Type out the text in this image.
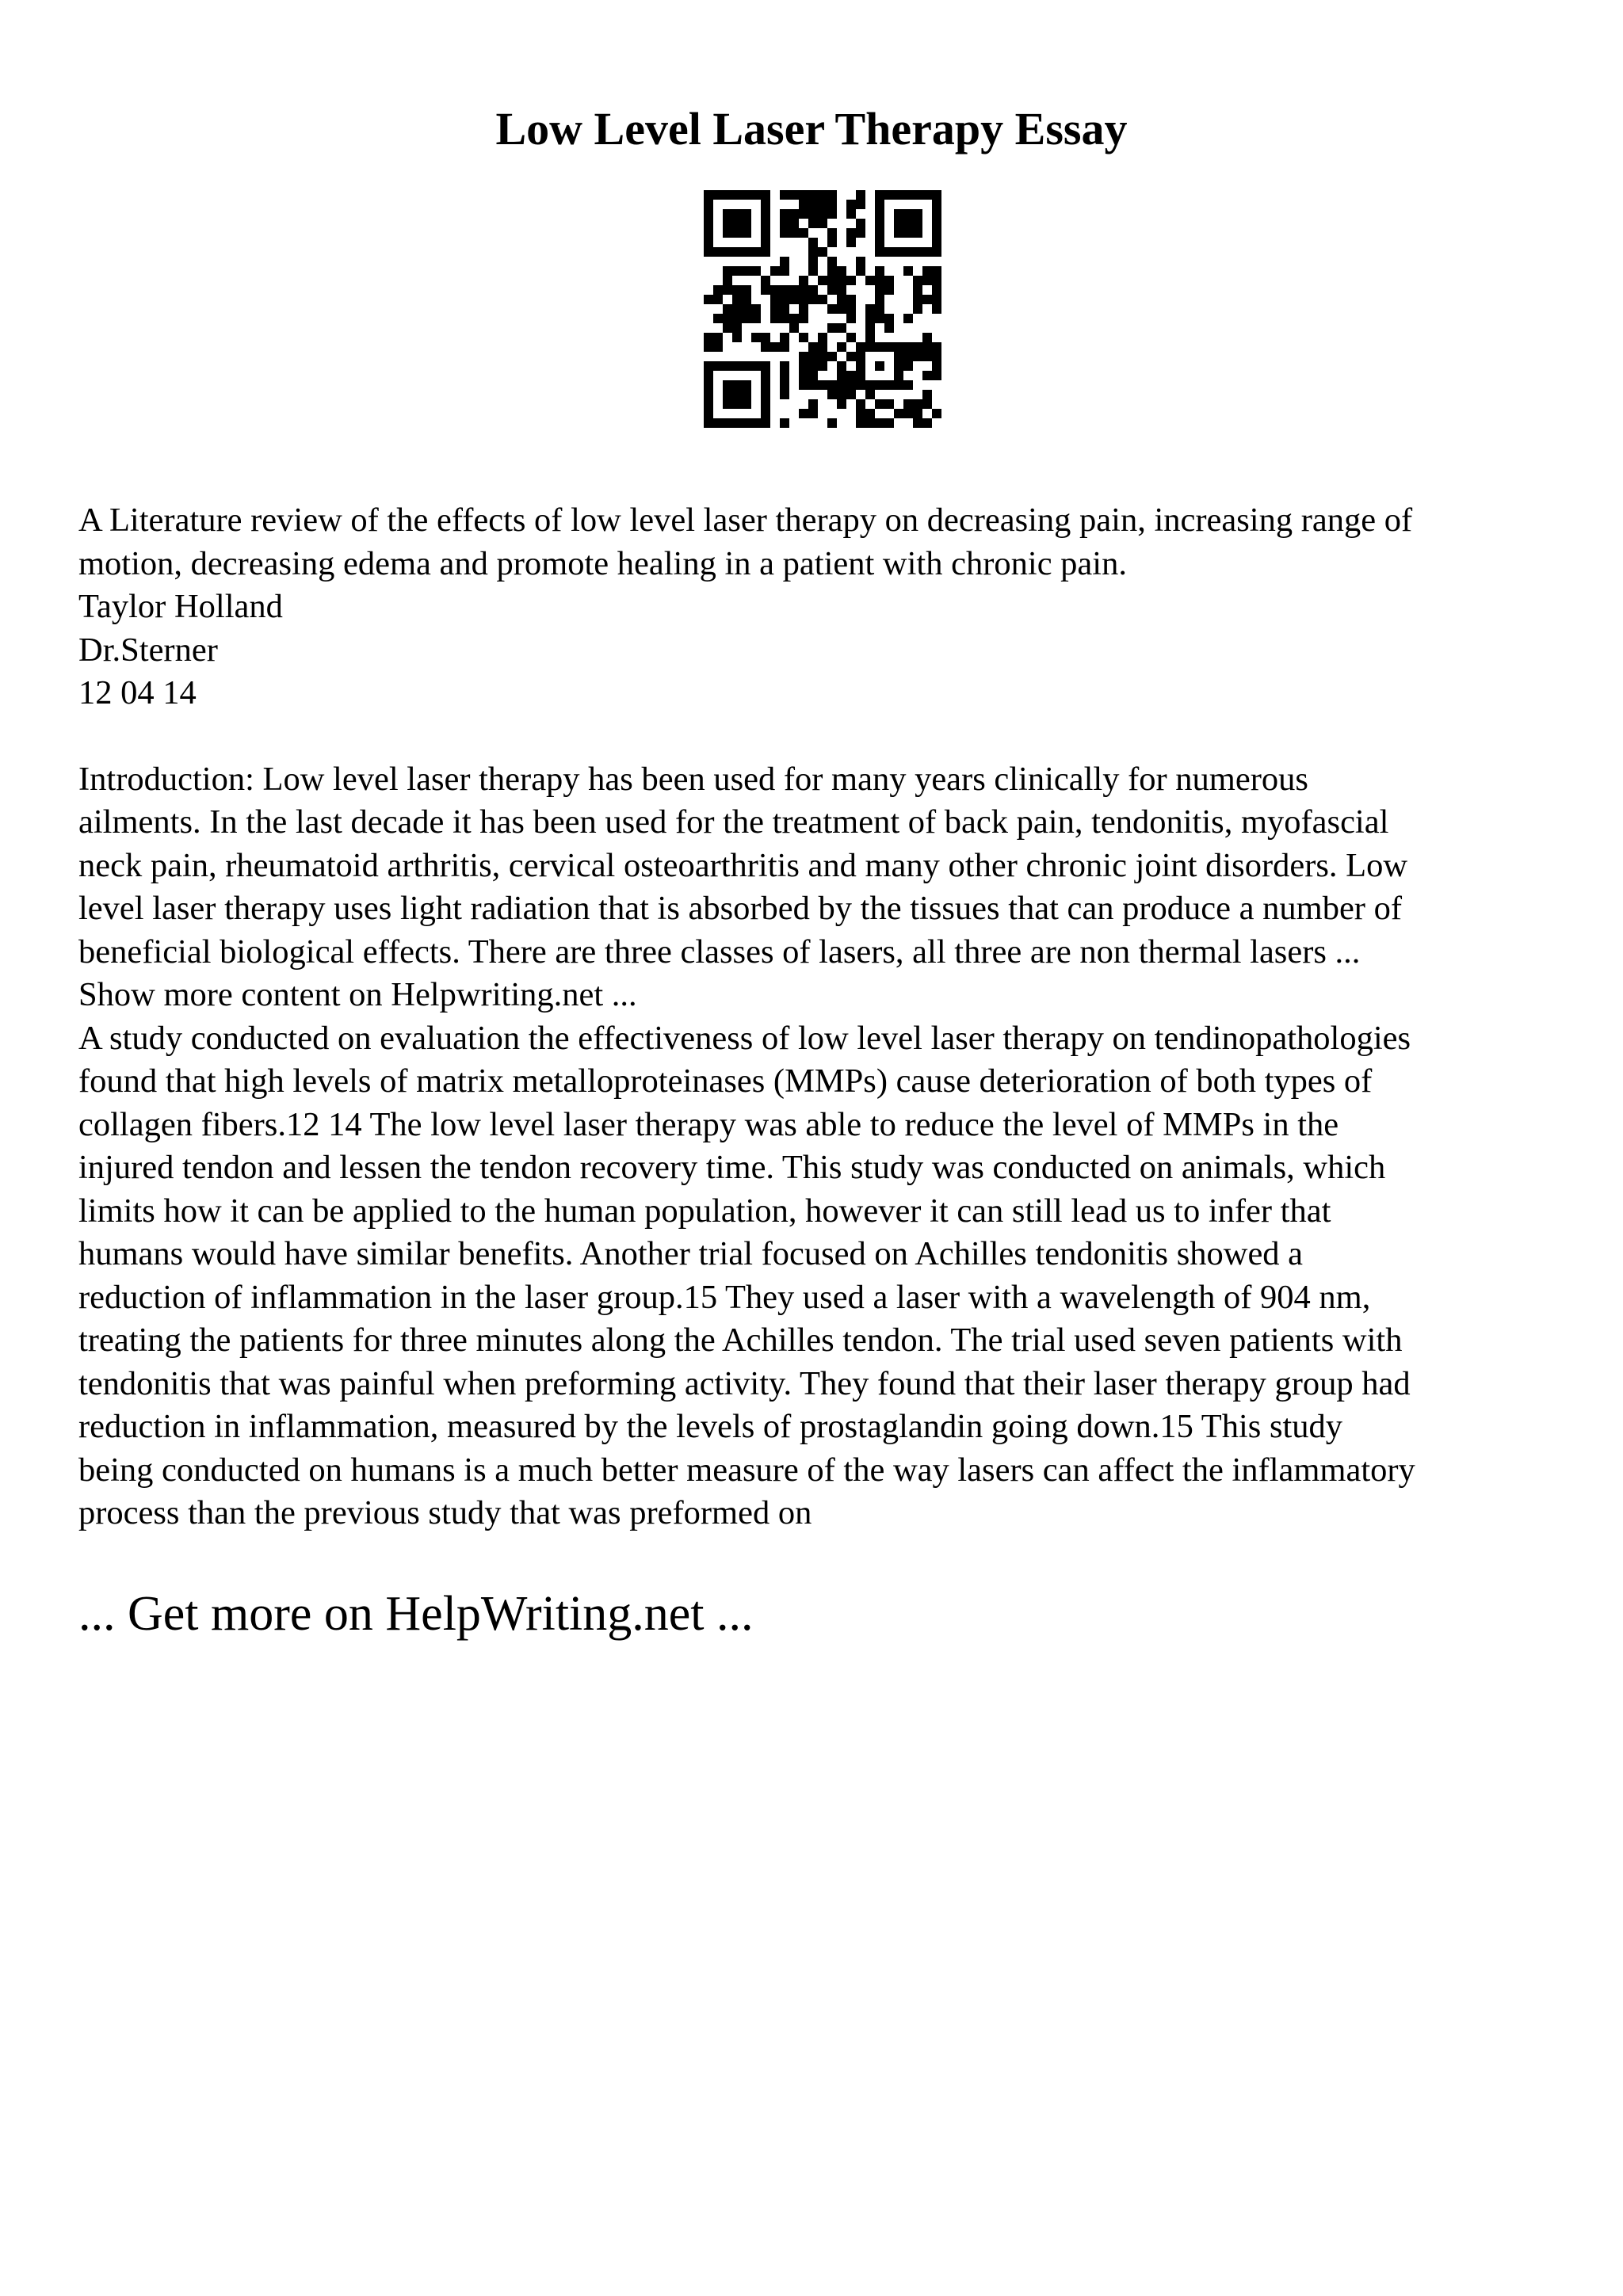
Low Level Laser Therapy Essay

A Literature review of the effects of low level laser therapy on decreasing pain, increasing range of
motion, decreasing edema and promote healing in a patient with chronic pain.

Taylor Holland

Dr.Sterner

12 04 14

Introduction: Low level laser therapy has been used for many years clinically for numerous
ailments. In the last decade it has been used for the treatment of back pain, tendonitis, myofascial
neck pain, rheumatoid arthritis, cervical osteoarthritis and many other chronic joint disorders. Low
level laser therapy uses light radiation that is absorbed by the tissues that can produce a number of
beneficial biological effects. There are three classes of lasers, all three are non thermal lasers ...

Show more content on Helpwriting.net ...

A study conducted on evaluation the effectiveness of low level laser therapy on tendinopathologies
found that high levels of matrix metalloproteinases (MMPs) cause deterioration of both types of
collagen fibers.12 14 The low level laser therapy was able to reduce the level of MMPs in the
injured tendon and lessen the tendon recovery time. This study was conducted on animals, which
limits how it can be applied to the human population, however it can still lead us to infer that
humans would have similar benefits. Another trial focused on Achilles tendonitis showed a
reduction of inflammation in the laser group.15 They used a laser with a wavelength of 904 nm,
treating the patients for three minutes along the Achilles tendon. The trial used seven patients with
tendonitis that was painful when preforming activity. They found that their laser therapy group had
reduction in inflammation, measured by the levels of prostaglandin going down.15 This study
being conducted on humans is a much better measure of the way lasers can affect the inflammatory
process than the previous study that was preformed on

... Get more on HelpWriting.net ...
